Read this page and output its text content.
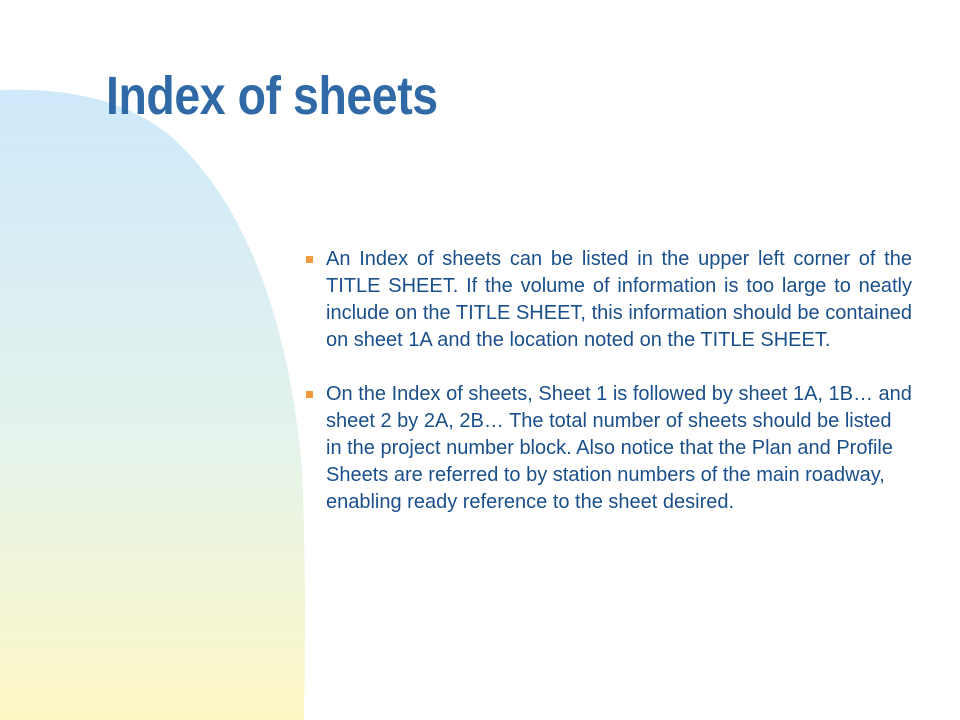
Index of sheets
An Index of sheets can be listed in the upper left corner of the TITLE SHEET. If the volume of information is too large to neatly include on the TITLE SHEET, this information should be contained on sheet 1A and the location noted on the TITLE SHEET.
On the Index of sheets, Sheet 1 is followed by sheet 1A, 1B… and sheet 2 by 2A, 2B… The total number of sheets should be listed in the project number block. Also notice that the Plan and Profile Sheets are referred to by station numbers of the main roadway, enabling ready reference to the sheet desired.
